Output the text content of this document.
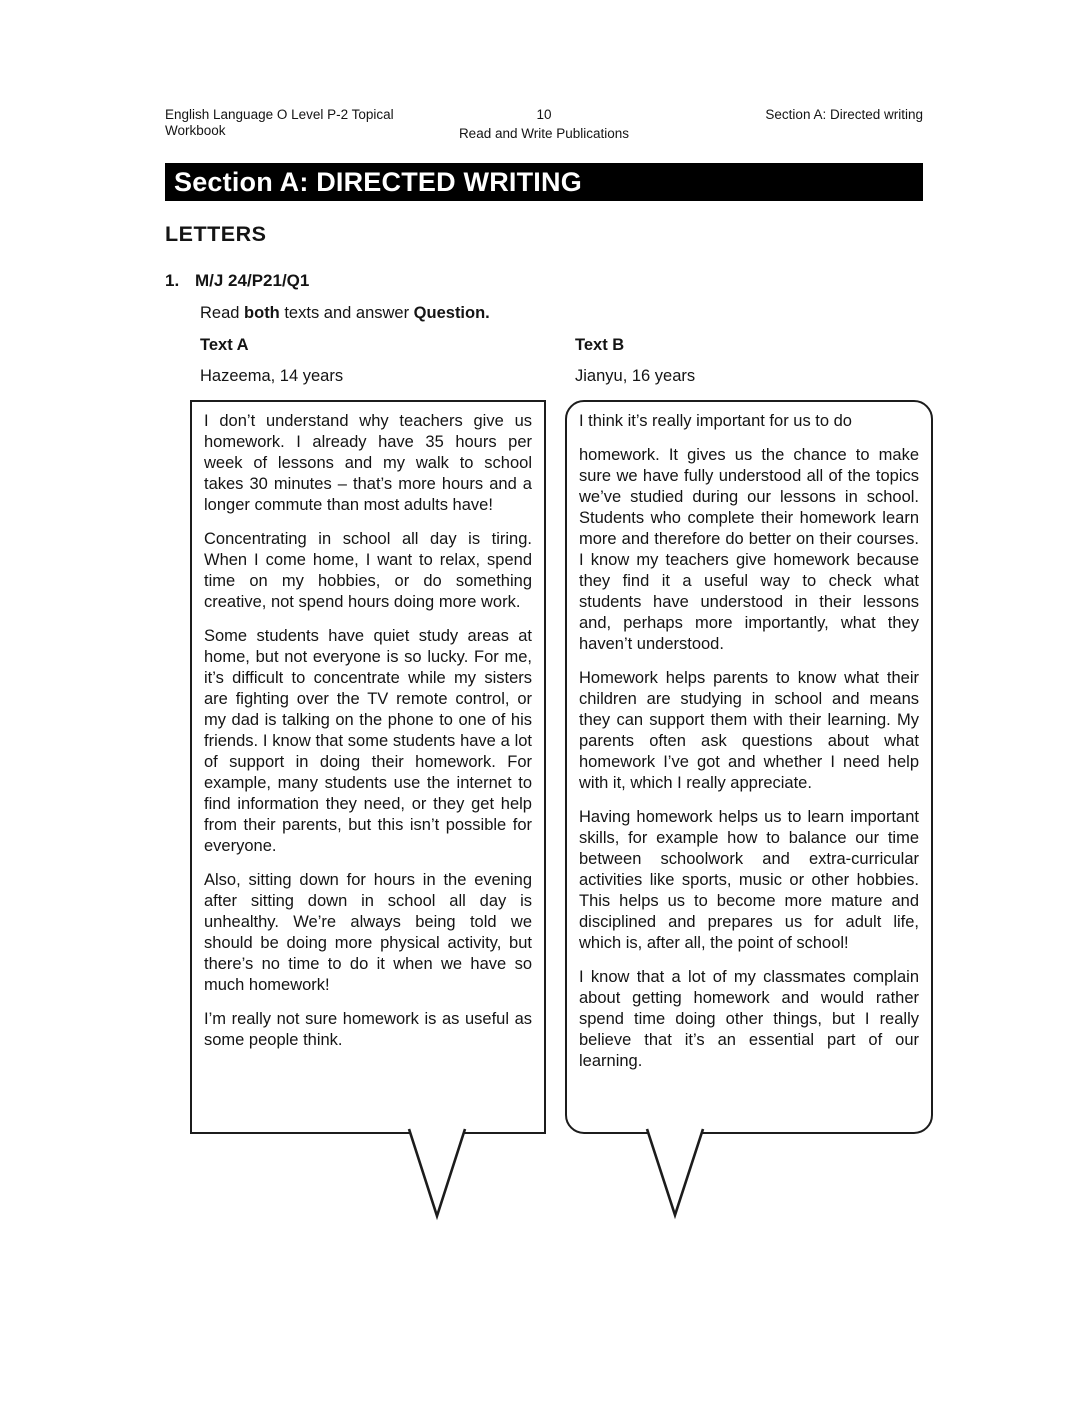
English Language O Level P-2 Topical Workbook
10
Read and Write Publications
Section A: Directed writing
Section A: DIRECTED WRITING
LETTERS
1. M/J 24/P21/Q1

Read both texts and answer Question.

Text A
Hazeema, 14 years

I don’t understand why teachers give us homework. I already have 35 hours per week of lessons and my walk to school takes 30 minutes – that’s more hours and a longer commute than most adults have!

Concentrating in school all day is tiring. When I come home, I want to relax, spend time on my hobbies, or do something creative, not spend hours doing more work.

Some students have quiet study areas at home, but not everyone is so lucky. For me, it’s difficult to concentrate while my sisters are fighting over the TV remote control, or my dad is talking on the phone to one of his friends. I know that some students have a lot of support in doing their homework. For example, many students use the internet to find information they need, or they get help from their parents, but this isn’t possible for everyone.

Also, sitting down for hours in the evening after sitting down in school all day is unhealthy. We’re always being told we should be doing more physical activity, but there’s no time to do it when we have so much homework!

I’m really not sure homework is as useful as some people think.

Text B
Jianyu, 16 years

I think it’s really important for us to do

homework. It gives us the chance to make sure we have fully understood all of the topics we’ve studied during our lessons in school. Students who complete their homework learn more and therefore do better on their courses. I know my teachers give homework because they find it a useful way to check what students have understood in their lessons and, perhaps more importantly, what they haven’t understood.

Homework helps parents to know what their children are studying in school and means they can support them with their learning. My parents often ask questions about what homework I’ve got and whether I need help with it, which I really appreciate.

Having homework helps us to learn important skills, for example how to balance our time between schoolwork and extra-curricular activities like sports, music or other hobbies. This helps us to become more mature and disciplined and prepares us for adult life, which is, after all, the point of school!

I know that a lot of my classmates complain about getting homework and would rather spend time doing other things, but I really believe that it’s an essential part of our learning.
